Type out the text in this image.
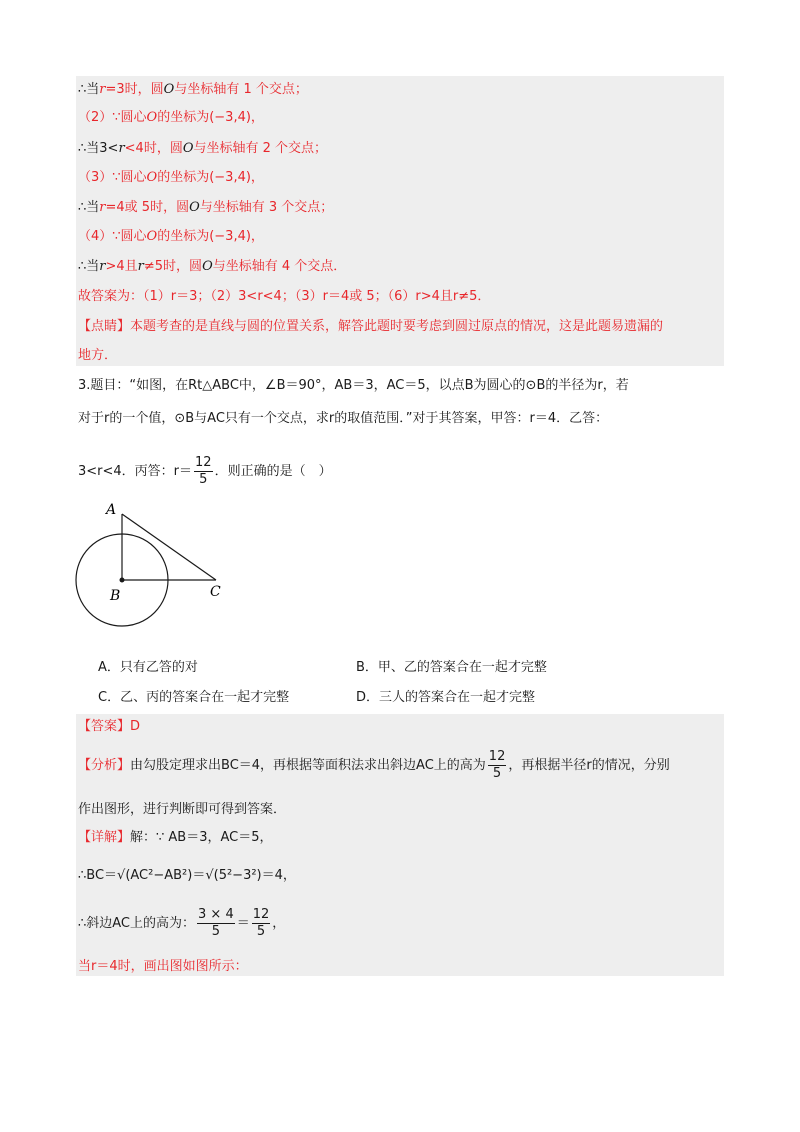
∴当r=3时，圆O与坐标轴有 1 个交点；
（2）∵圆心O的坐标为(−3,4)，
∴当3<r<4时，圆O与坐标轴有 2 个交点；
（3）∵圆心O的坐标为(−3,4)，
∴当r=4或 5时，圆O与坐标轴有 3 个交点；
（4）∵圆心O的坐标为(−3,4)，
∴当r>4且r≠5时，圆O与坐标轴有 4 个交点．
故答案为：（1）r＝3；（2）3<r<4；（3）r＝4或 5；（6）r>4且r≠5．
【点睛】本题考查的是直线与圆的位置关系，解答此题时要考虑到圆过原点的情况，这是此题易遗漏的
地方．
3.题目：“如图，在Rt△ABC中，∠B＝90°，AB＝3，AC＝5，以点B为圆心的⊙B的半径为r，若
对于r的一个值，⊙B与AC只有一个交点，求r的取值范围．”对于其答案，甲答：r＝4．乙答：
3<r<4．丙答：$r= \frac{12}{5}$ ．则正确的是（　）
A
B	C
A．只有乙答的对	B．甲、乙的答案合在一起才完整
C．乙、丙的答案合在一起才完整	D．三人的答案合在一起才完整
【答案】D
【分析】由勾股定理求出BC＝4，再根据等面积法求出斜边AC上的高为 $\frac{12}{5}$ ，再根据半径r的情况，分别
作出图形，进行判断即可得到答案．
【详解】解：∵ AB＝3，AC＝5，
∴BC＝√(AC²−AB²)＝√(5²−3²)＝4，
∴斜边AC上的高为： $\frac{3 \times 4}{5} = \frac{12}{5}$ ，
当r＝4时，画出图如图所示：
